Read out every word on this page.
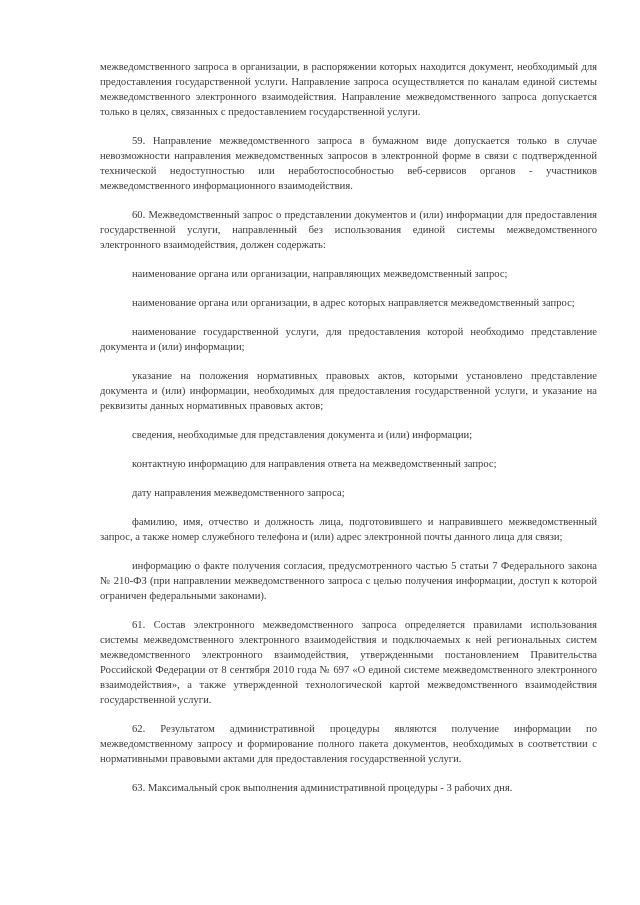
межведомственного запроса в организации, в распоряжении которых находится документ, необходимый для предоставления государственной услуги. Направление запроса осуществляется по каналам единой системы межведомственного электронного взаимодействия. Направление межведомственного запроса допускается только в целях, связанных с предоставлением государственной услуги.

59. Направление межведомственного запроса в бумажном виде допускается только в случае невозможности направления межведомственных запросов в электронной форме в связи с подтвержденной технической недоступностью или неработоспособностью веб-сервисов органов - участников межведомственного информационного взаимодействия.

60. Межведомственный запрос о представлении документов и (или) информации для предоставления государственной услуги, направленный без использования единой системы межведомственного электронного взаимодействия, должен содержать:

наименование органа или организации, направляющих межведомственный запрос;

наименование органа или организации, в адрес которых направляется межведомственный запрос;

наименование государственной услуги, для предоставления которой необходимо представление документа и (или) информации;

указание на положения нормативных правовых актов, которыми установлено представление документа и (или) информации, необходимых для предоставления государственной услуги, и указание на реквизиты данных нормативных правовых актов;

сведения, необходимые для представления документа и (или) информации;

контактную информацию для направления ответа на межведомственный запрос;

дату направления межведомственного запроса;

фамилию, имя, отчество и должность лица, подготовившего и направившего межведомственный запрос, а также номер служебного телефона и (или) адрес электронной почты данного лица для связи;

информацию о факте получения согласия, предусмотренного частью 5 статьи 7 Федерального закона № 210-ФЗ (при направлении межведомственного запроса с целью получения информации, доступ к которой ограничен федеральными законами).

61. Состав электронного межведомственного запроса определяется правилами использования системы межведомственного электронного взаимодействия и подключаемых к ней региональных систем межведомственного электронного взаимодействия, утвержденными постановлением Правительства Российской Федерации от 8 сентября 2010 года № 697 «О единой системе межведомственного электронного взаимодействия», а также утвержденной технологической картой межведомственного взаимодействия государственной услуги.

62. Результатом административной процедуры являются получение информации по межведомственному запросу и формирование полного пакета документов, необходимых в соответствии с нормативными правовыми актами для предоставления государственной услуги.

63. Максимальный срок выполнения административной процедуры - 3 рабочих дня.
